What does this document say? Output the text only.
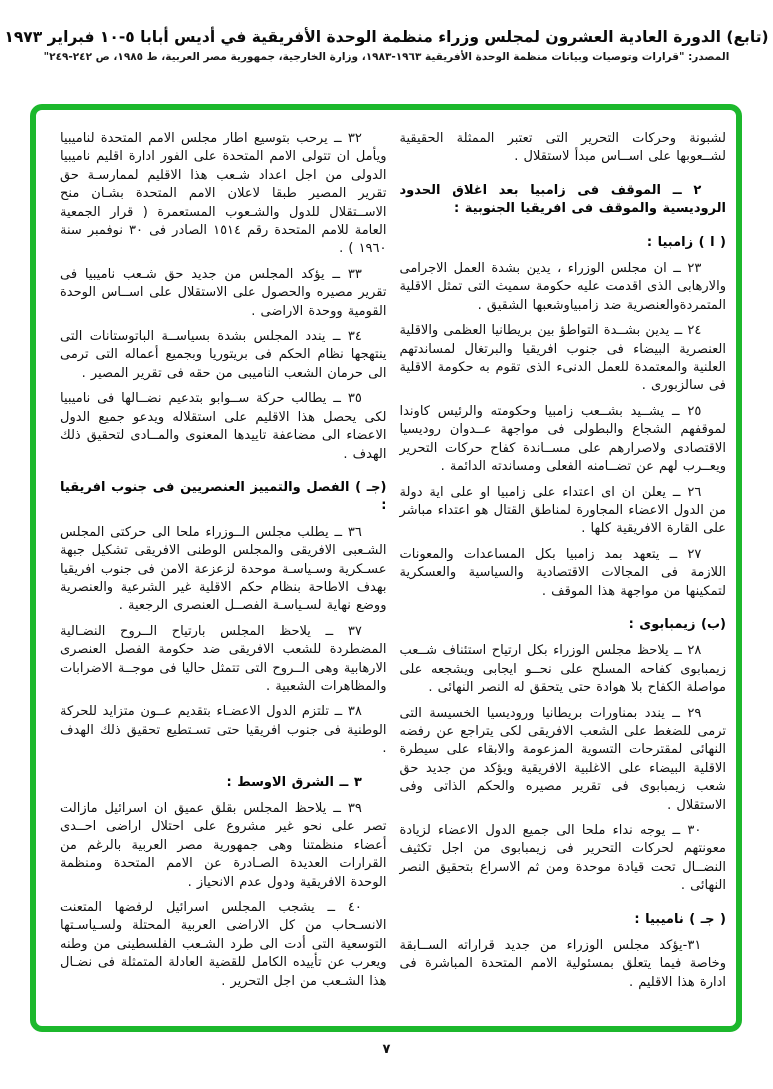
(تابع) الدورة العادية العشرون لمجلس وزراء منظمة الوحدة الأفريقية في أديس أبابا ٥-١٠ فبراير ١٩٧٣
المصدر: "قرارات وتوصيات وبيانات منظمة الوحدة الأفريقية ١٩٦٣-١٩٨٣، وزارة الخارجية، جمهورية مصر العربية، ط ١٩٨٥، ص ٢٤٢-٢٤٩"
لشبونة وحركات التحرير التى تعتبر الممثلة الحقيقية لشــعوبها على اســاس مبدأ لاستقلال .
٢ ــ الموقف فى زامبيا بعد اغلاق الحدود الروديسية والموقف فى افريقيا الجنوبية :
( ا ) زامبيا :
٢٣ ــ ان مجلس الوزراء ، يدين بشدة العمل الاجرامى والارهابى الذى اقدمت عليه حكومة سميث التى تمثل الاقلية المتمردةوالعنصرية ضد زامبياوشعبها الشقيق .
٢٤ ــ يدين بشــدة التواطؤ بين بريطانيا العظمى والاقلية العنصرية البيضاء فى جنوب افريقيا والبرتغال لمساندتهم العلنية والمعتمدة للعمل الدنىء الذى تقوم به حكومة الاقلية فى سالزبورى .
٢٥ ــ يشــيد بشــعب زامبيا وحكومته والرئيس كاوندا لموقفهم الشجاع والبطولى فى مواجهة عــدوان روديسيا الاقتصادى ولاصرارهم على مســاندة كفاح حركات التحرير ويعــرب لهم عن تضــامنه الفعلى ومساندته الدائمة .
٢٦ ــ يعلن ان اى اعتداء على زامبيا او على اية دولة من الدول الاعضاء المجاورة لمناطق القتال هو اعتداء مباشر على القارة الافريقية كلها .
٢٧ ــ يتعهد بمد زامبيا بكل المساعدات والمعونات اللازمة فى المجالات الاقتصادية والسياسية والعسكرية لتمكينها من مواجهة هذا الموقف .
(ب) زيمبابوى :
٢٨ ــ يلاحظ مجلس الوزراء بكل ارتياح استئناف شــعب زيمبابوى كفاحه المسلح على نحــو ايجابى ويشجعه على مواصلة الكفاح بلا هوادة حتى يتحقق له النصر النهائى .
٢٩ ــ يندد بمناورات بريطانيا وروديسيا الخسيسة التى ترمى للضغط على الشعب الافريقى لكى يتراجع عن رفضه النهائى لمقترحات التسوية المزعومة والابقاء على سيطرة الاقلية البيضاء على الاغلبية الافريقية ويؤكد من جديد حق شعب زيمبابوى فى تقرير مصيره والحكم الذاتى وفى الاستقلال .
٣٠ ــ يوجه نداء ملحا الى جميع الدول الاعضاء لزيادة معونتهم لحركات التحرير فى زيمبابوى من اجل تكثيف النضــال تحت قيادة موحدة ومن ثم الاسراع بتحقيق النصر النهائى .
( جـ ) ناميبيا :
٣١-يؤكد مجلس الوزراء من جديد قراراته الســابقة وخاصة فيما يتعلق بمسئولية الامم المتحدة المباشرة فى ادارة هذا الاقليم .
٣٢ ــ يرحب بتوسيع اطار مجلس الامم المتحدة لناميبيا ويأمل ان تتولى الامم المتحدة على الفور ادارة اقليم ناميبيا الدولى من اجل اعداد شـعب هذا الاقليم لممارسـة حق تقرير المصير طبقا لاعلان الامم المتحدة بشـان منح الاســتقلال للدول والشـعوب المستعمرة ( قرار الجمعية العامة للامم المتحدة رقم ١٥١٤ الصادر فى ٣٠ نوفمبر سنة ١٩٦٠ ) .
٣٣ ــ يؤكد المجلس من جديد حق شـعب ناميبيا فى تقرير مصيره والحصول على الاستقلال على اســاس الوحدة القومية ووحدة الاراضى .
٣٤ ــ يندد المجلس بشدة بسياســة الباتوستانات التى ينتهجها نظام الحكم فى بريتوريا وبجميع أعماله التى ترمى الى حرمان الشعب الناميبى من حقه فى تقرير المصير .
٣٥ ــ يطالب حركة ســوابو بتدعيم نضــالها فى ناميبيا لكى يحصل هذا الاقليم على استقلاله ويدعو جميع الدول الاعضاء الى مضاعفة تاييدها المعنوى والمــادى لتحقيق ذلك الهدف .
(جـ ) الفصل والتمييز العنصريين فى جنوب افريقيا :
٣٦ ــ يطلب مجلس الــوزراء ملحا الى حركتى المجلس الشـعبى الافريقى والمجلس الوطنى الافريقى تشكيل جبهة عسـكرية وسـياسـة موحدة لزعزعة الامن فى جنوب افريقيا بهدف الاطاحة بنظام حكم الاقلية غير الشرعية والعنصرية ووضع نهاية لسـياسـة الفصــل العنصرى الرجعية .
٣٧ ــ يلاحظ المجلس بارتياح الــروح النضـالية المضطردة للشعب الافريقى ضد حكومة الفصل العنصرى الارهابية وهى الــروح التى تتمثل حاليا فى موجــة الاضرابات والمظاهرات الشعبية .
٣٨ ــ تلتزم الدول الاعضـاء بتقديم عــون متزايد للحركة الوطنية فى جنوب افريقيا حتى تسـتطيع تحقيق ذلك الهدف .
٣ ــ الشرق الاوسط :
٣٩ ــ يلاحظ المجلس بقلق عميق ان اسرائيل مازالت تصر على نحو غير مشروع على احتلال اراضى احــدى أعضاء منظمتنا وهى جمهورية مصر العربية بالرغم من القرارات العديدة الصـادرة عن الامم المتحدة ومنظمة الوحدة الافريقية ودول عدم الانحياز .
٤٠ ــ يشجب المجلس اسرائيل لرفضها المتعنت الانسـحاب من كل الاراضى العربية المحتلة ولسـياسـتها التوسعية التى أدت الى طرد الشـعب الفلسطينى من وطنه ويعرب عن تأييده الكامل للقضية العادلة المتمثلة فى نضـال هذا الشـعب من اجل التحرير .
٧
